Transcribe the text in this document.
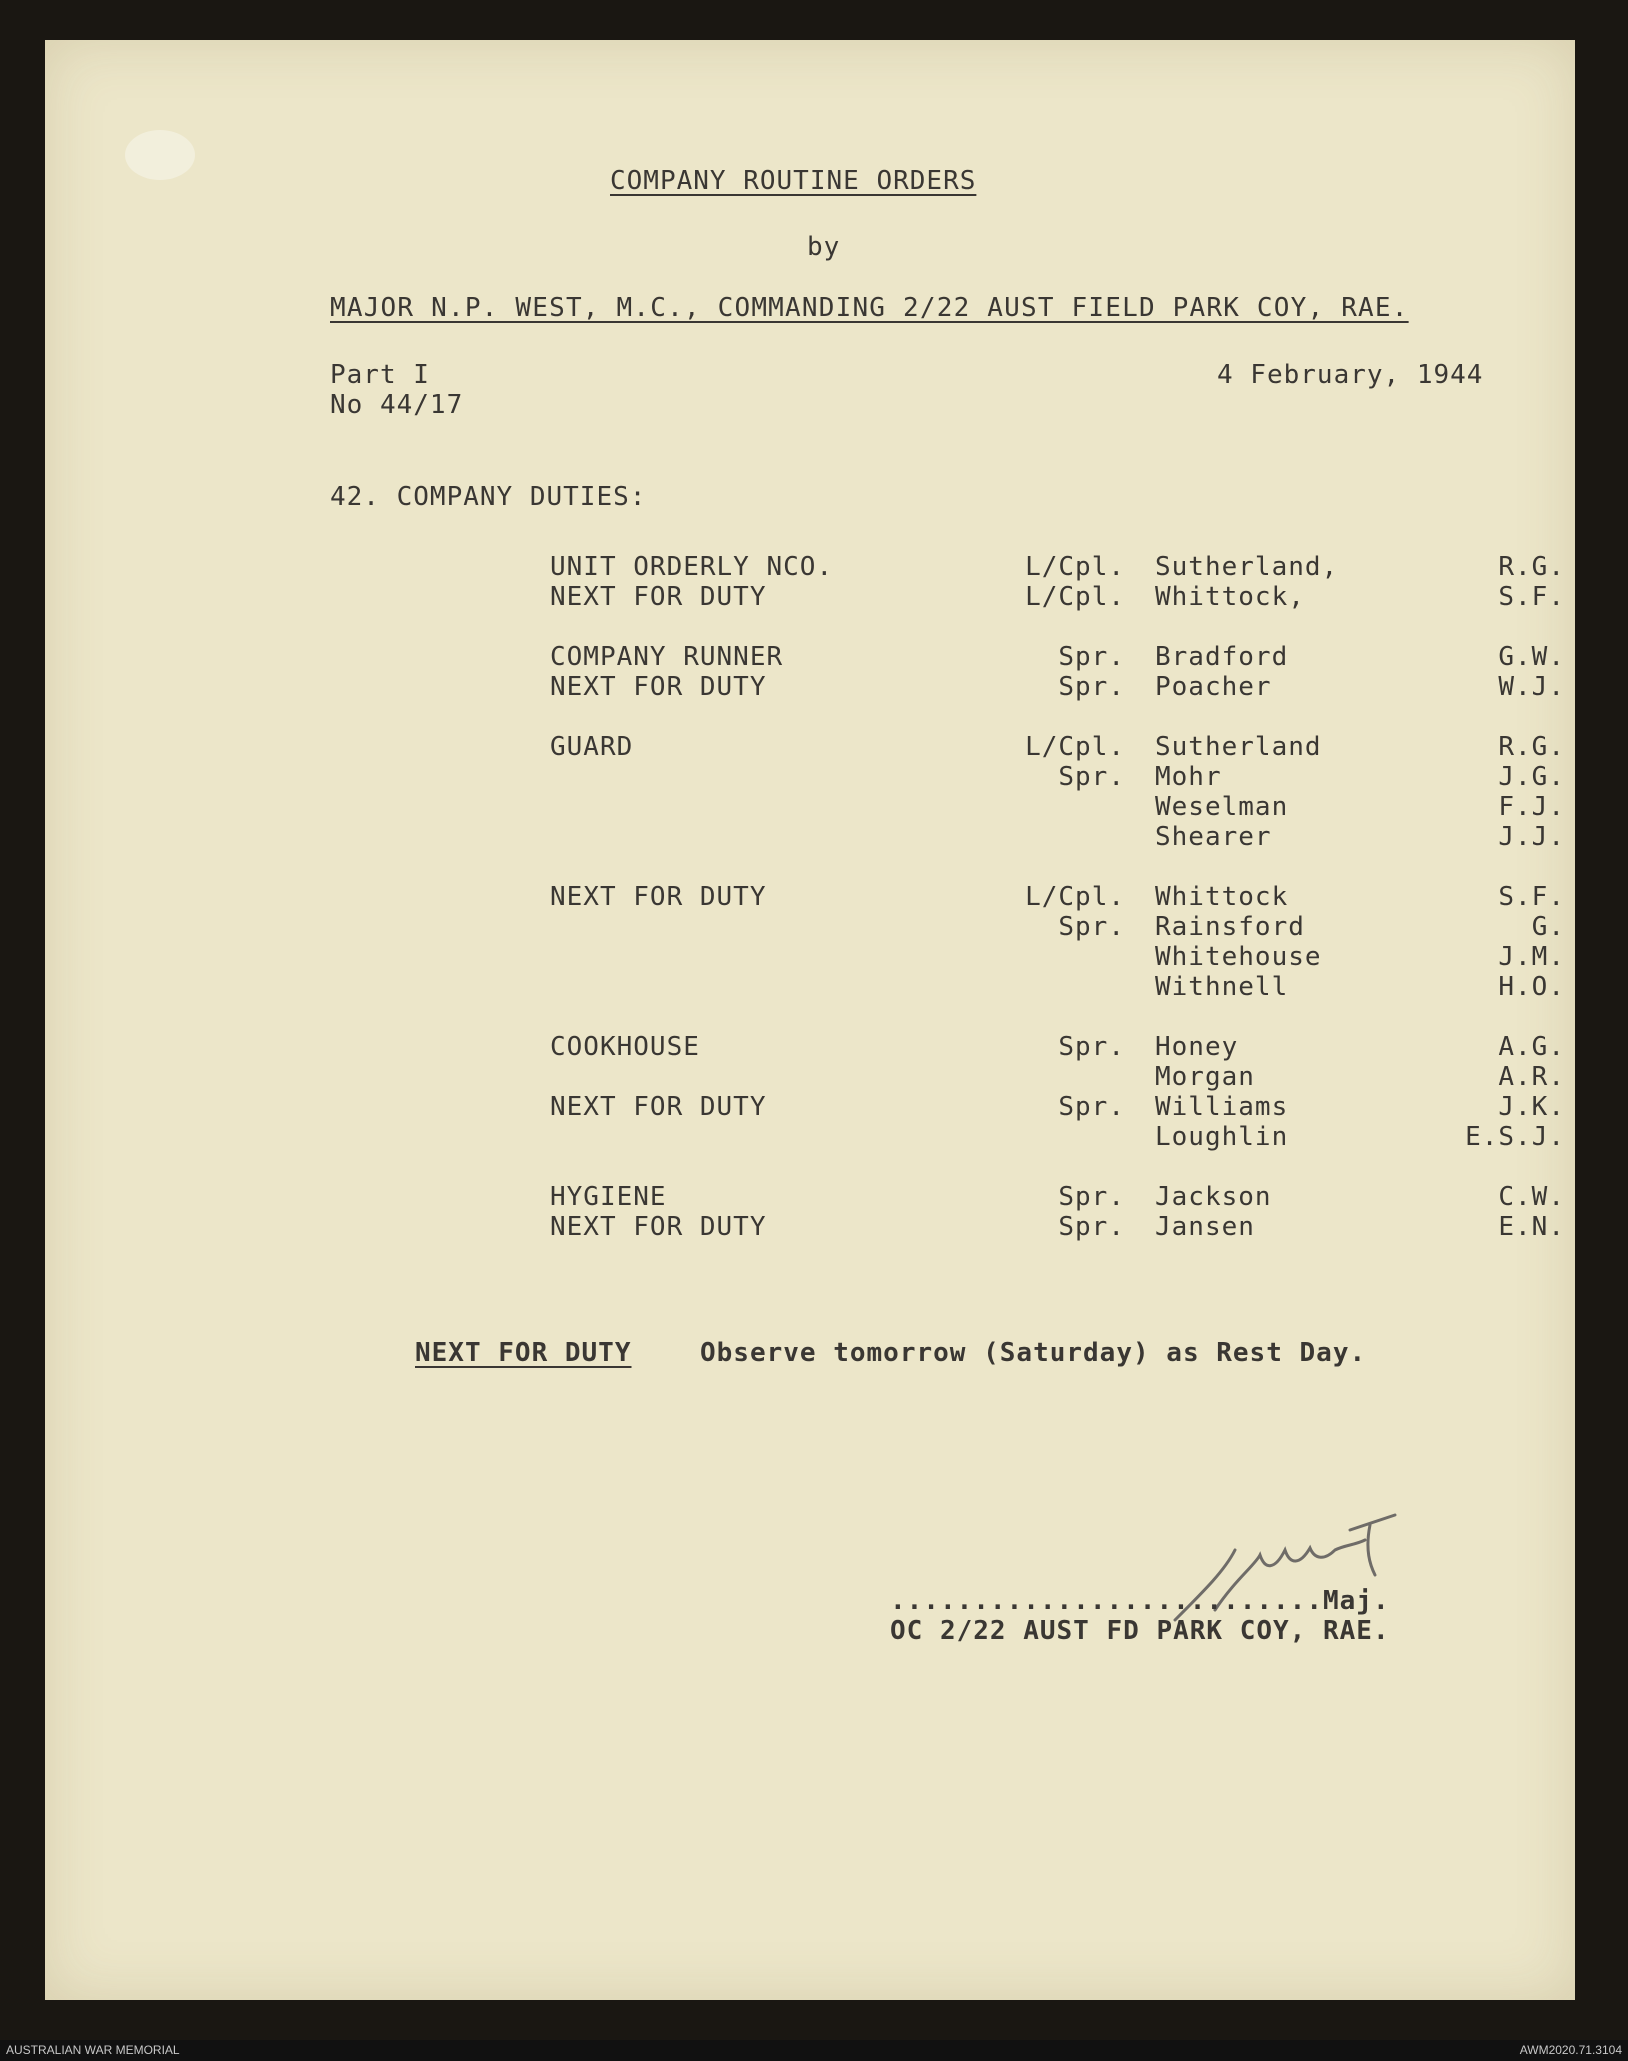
COMPANY ROUTINE ORDERS
by
MAJOR N.P. WEST, M.C., COMMANDING 2/22 AUST FIELD PARK COY, RAE.
Part I
No 44/17
4 February, 1944
42. COMPANY DUTIES:
UNIT ORDERLY NCO.	L/Cpl. Sutherland,	R.G.
NEXT FOR DUTY	L/Cpl. Whittock,	S.F.
COMPANY RUNNER	Spr. Bradford	G.W.
NEXT FOR DUTY	Spr. Poacher	W.J.
GUARD	L/Cpl. Sutherland	R.G.
Spr. Mohr	J.G.
Weselman	F.J.
Shearer	J.J.
NEXT FOR DUTY	L/Cpl. Whittock	S.F.
Spr. Rainsford	G.
Whitehouse	J.M.
Withnell	H.O.
COOKHOUSE	Spr. Honey	A.G.
Morgan	A.R.
NEXT FOR DUTY	Spr. Williams	J.K.
Loughlin	E.S.J.
HYGIENE	Spr. Jackson	C.W.
NEXT FOR DUTY	Spr. Jansen	E.N.
NEXT FOR DUTY	Observe tomorrow (Saturday) as Rest Day.
..........................Maj.
OC 2/22 AUST FD PARK COY, RAE.
AUSTRALIAN WAR MEMORIAL	AWM2020.71.3104
